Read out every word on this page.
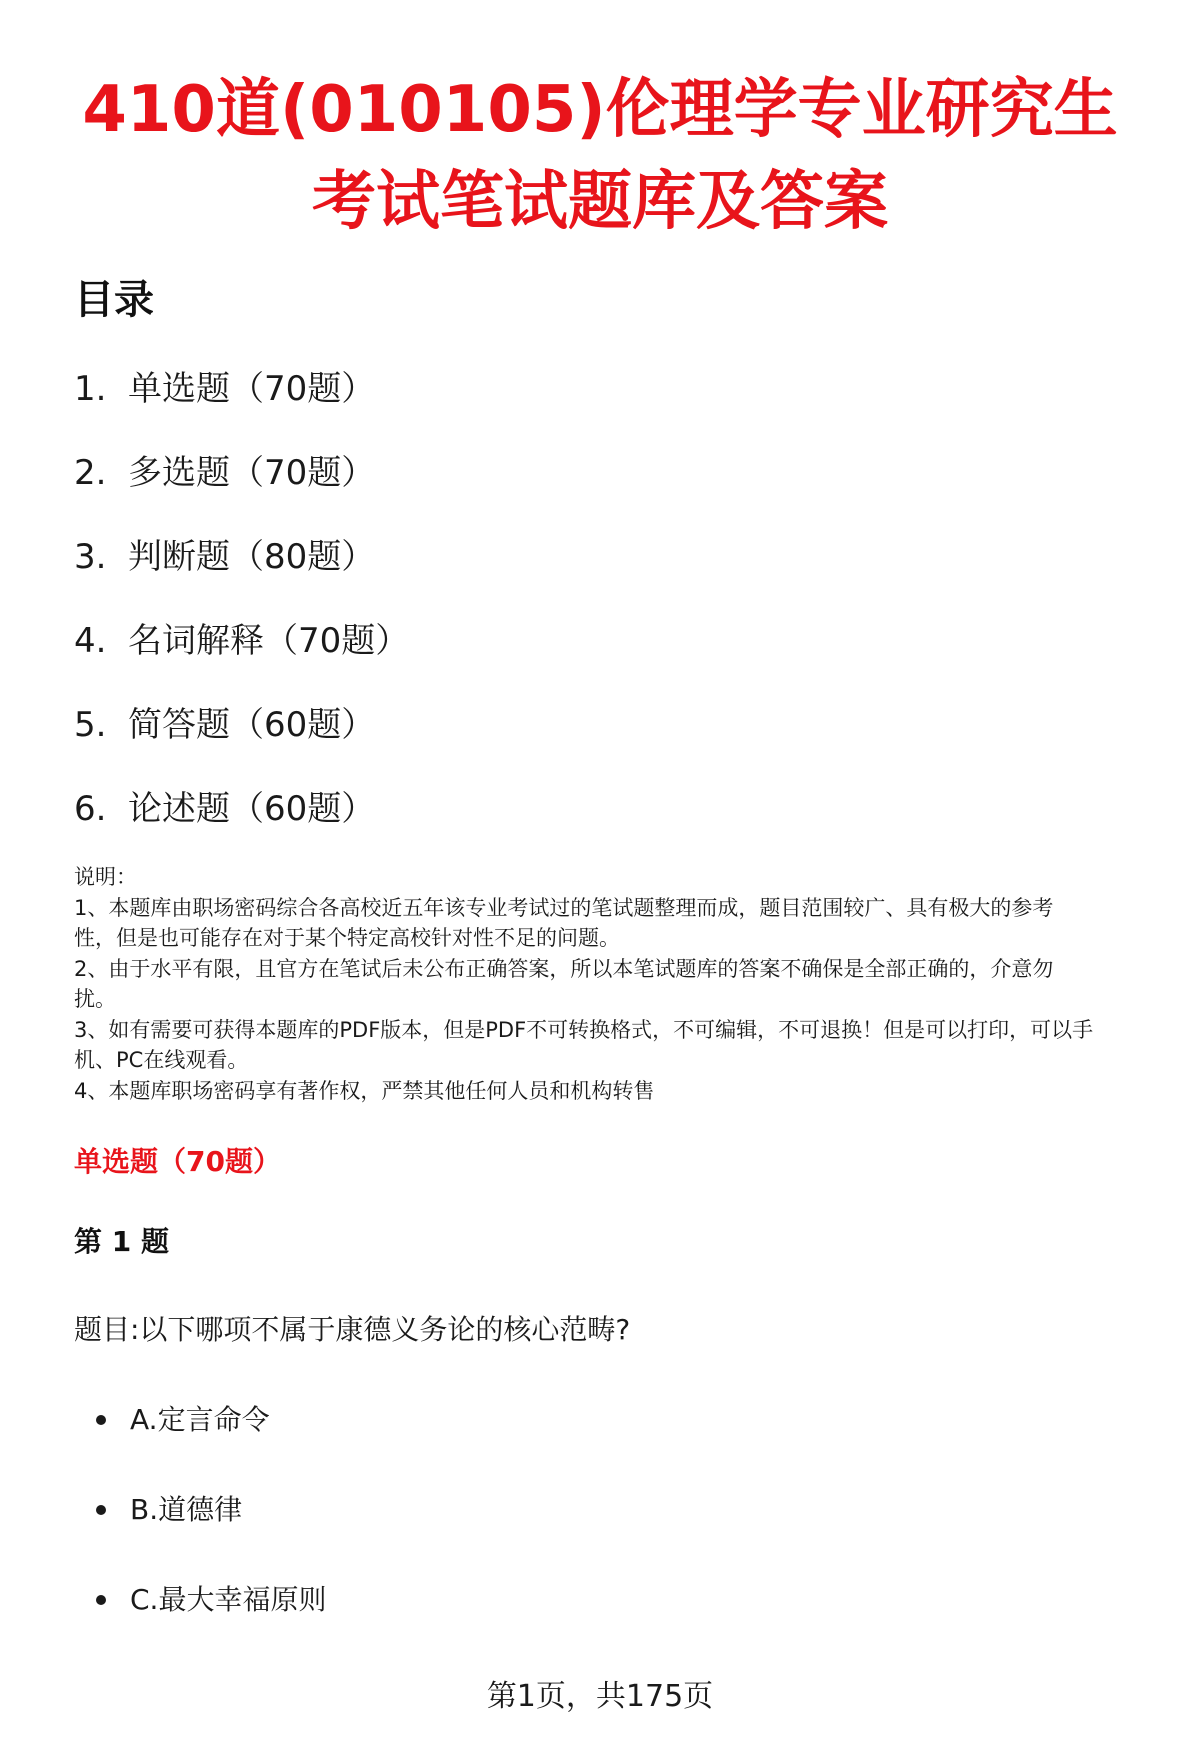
410道(010105)伦理学专业研究生
考试笔试题库及答案
目录
1. 单选题（70题）
2. 多选题（70题）
3. 判断题（80题）
4. 名词解释（70题）
5. 简答题（60题）
6. 论述题（60题）
说明：
1、本题库由职场密码综合各高校近五年该专业考试过的笔试题整理而成，题目范围较广、具有极大的参考
性，但是也可能存在对于某个特定高校针对性不足的问题。
2、由于水平有限，且官方在笔试后未公布正确答案，所以本笔试题库的答案不确保是全部正确的，介意勿
扰。
3、如有需要可获得本题库的PDF版本，但是PDF不可转换格式，不可编辑，不可退换！但是可以打印，可以手
机、PC在线观看。
4、本题库职场密码享有著作权，严禁其他任何人员和机构转售
单选题（70题）
第 1 题
题目:以下哪项不属于康德义务论的核心范畴?
A.定言命令
B.道德律
C.最大幸福原则
第1页，共175页
